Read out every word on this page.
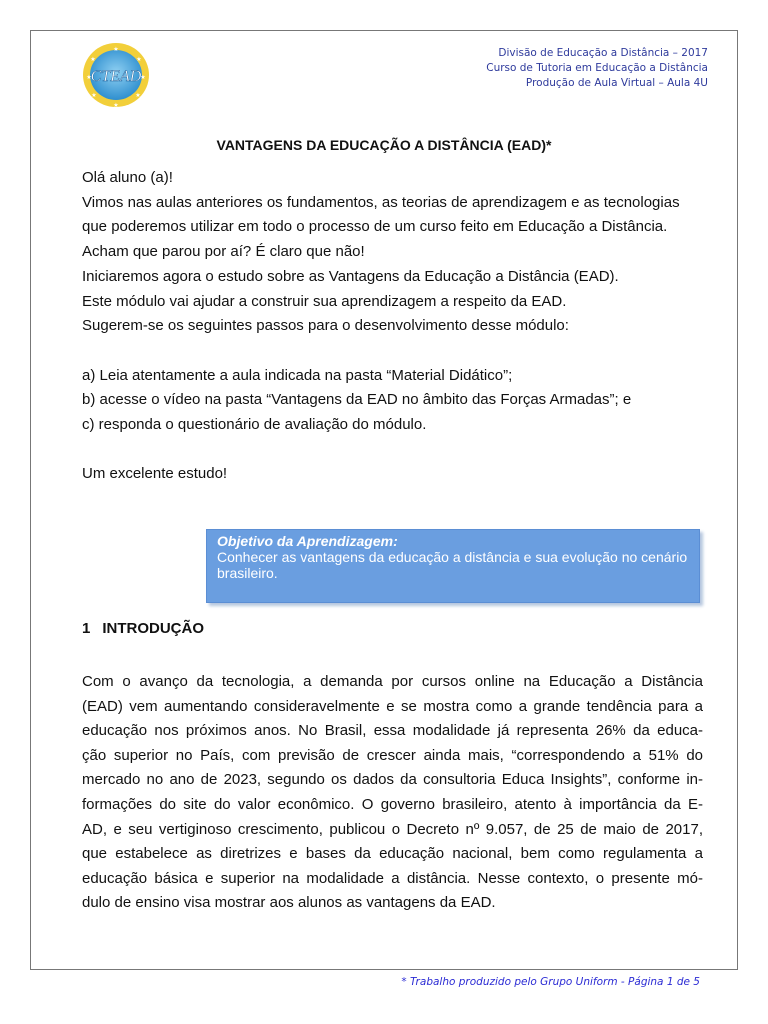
★
★	★
★	★
★	★
★
CTEAD
Divisão de Educação a Distância – 2017
Curso de Tutoria em Educação a Distância
Produção de Aula Virtual – Aula 4U
VANTAGENS DA EDUCAÇÃO A DISTÂNCIA (EAD)*

Olá aluno (a)!

Vimos nas aulas anteriores os fundamentos, as teorias de aprendizagem e as tecnologias

que poderemos utilizar em todo o processo de um curso feito em Educação a Distância.

Acham que parou por aí? É claro que não!

Iniciaremos agora o estudo sobre as Vantagens da Educação a Distância (EAD).

Este módulo vai ajudar a construir sua aprendizagem a respeito da EAD.

Sugerem-se os seguintes passos para o desenvolvimento desse módulo:

a) Leia atentamente a aula indicada na pasta “Material Didático”;

b) acesse o vídeo na pasta “Vantagens da EAD no âmbito das Forças Armadas”; e

c) responda o questionário de avaliação do módulo.

Um excelente estudo!

Objetivo da Aprendizagem:
Conhecer as vantagens da educação a distância e sua evolução no cenário brasileiro.
1 INTRODUÇÃO
Com o avanço da tecnologia, a demanda por cursos online na Educação a Distância
(EAD) vem aumentando consideravelmente e se mostra como a grande tendência para a
educação nos próximos anos. No Brasil, essa modalidade já representa 26% da educa-
ção superior no País, com previsão de crescer ainda mais, “correspondendo a 51% do
mercado no ano de 2023, segundo os dados da consultoria Educa Insights”, conforme in-
formações do site do valor econômico. O governo brasileiro, atento à importância da E-
AD, e seu vertiginoso crescimento, publicou o Decreto nº 9.057, de 25 de maio de 2017,
que estabelece as diretrizes e bases da educação nacional, bem como regulamenta a
educação básica e superior na modalidade a distância. Nesse contexto, o presente mó-
dulo de ensino visa mostrar aos alunos as vantagens da EAD.
* Trabalho produzido pelo Grupo Uniform - Página 1 de 5
